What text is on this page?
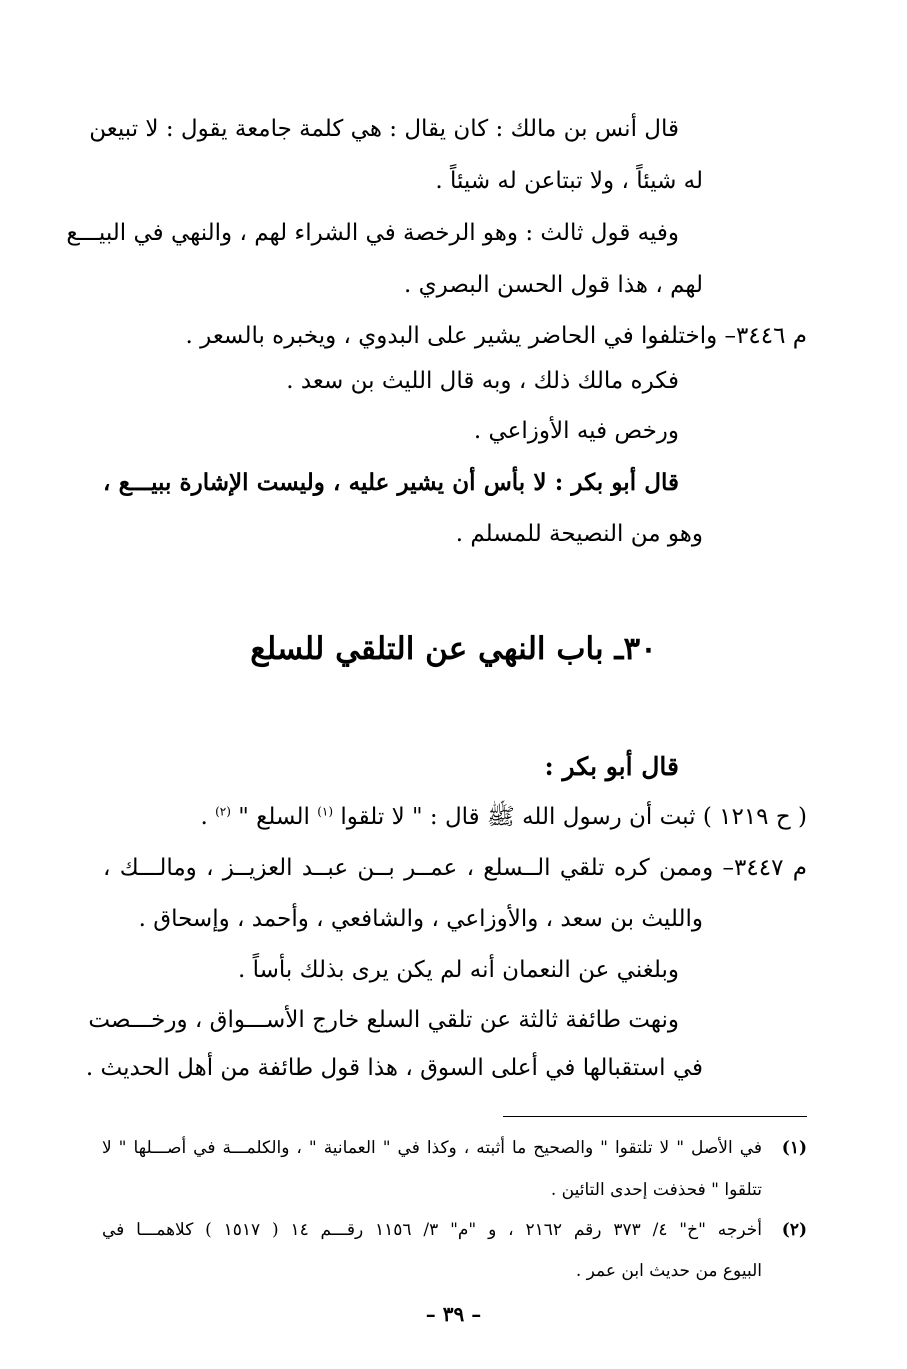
قال أنس بن مالك : كان يقال : هي كلمة جامعة يقول : لا تبيعن
له شيئاً ، ولا تبتاعن له شيئاً .
وفيه قول ثالث : وهو الرخصة في الشراء لهم ، والنهي في البيـــع
لهم ، هذا قول الحسن البصري .
م ٣٤٤٦– واختلفوا في الحاضر يشير على البدوي ، ويخبره بالسعر .
فكره مالك ذلك ، وبه قال الليث بن سعد .
ورخص فيه الأوزاعي .
قال أبو بكر : لا بأس أن يشير عليه ، وليست الإشارة ببيـــع ،
وهو من النصيحة للمسلم .
٣٠ـ باب النهي عن التلقي للسلع
قال أبو بكر :
( ح ١٢١٩ ) ثبت أن رسول الله ﷺ قال : " لا تلقوا $^{(١)}$ السلع " $^{(٢)}$ .
م ٣٤٤٧– وممن كره تلقي الــسلع ، عمــر بــن عبــد العزيــز ، ومالـــك ،
والليث بن سعد ، والأوزاعي ، والشافعي ، وأحمد ، وإسحاق .
وبلغني عن النعمان أنه لم يكن يرى بذلك بأساً .
ونهت طائفة ثالثة عن تلقي السلع خارج الأســـواق ، ورخـــصت
في استقبالها في أعلى السوق ، هذا قول طائفة من أهل الحديث .
(١)
في الأصل " لا تلتقوا " والصحيح ما أثبته ، وكذا في " العمانية " ، والكلمـــة في أصـــلها " لا
تتلقوا " فحذفت إحدى التائين .
(٢)
أخرجه "خ" ٤/ ٣٧٣ رقم ٢١٦٢ ، و "م" ٣/ ١١٥٦ رقـــم ١٤ ( ١٥١٧ ) كلاهمـــا في
البيوع من حديث ابن عمر .
– ٣٩ –
